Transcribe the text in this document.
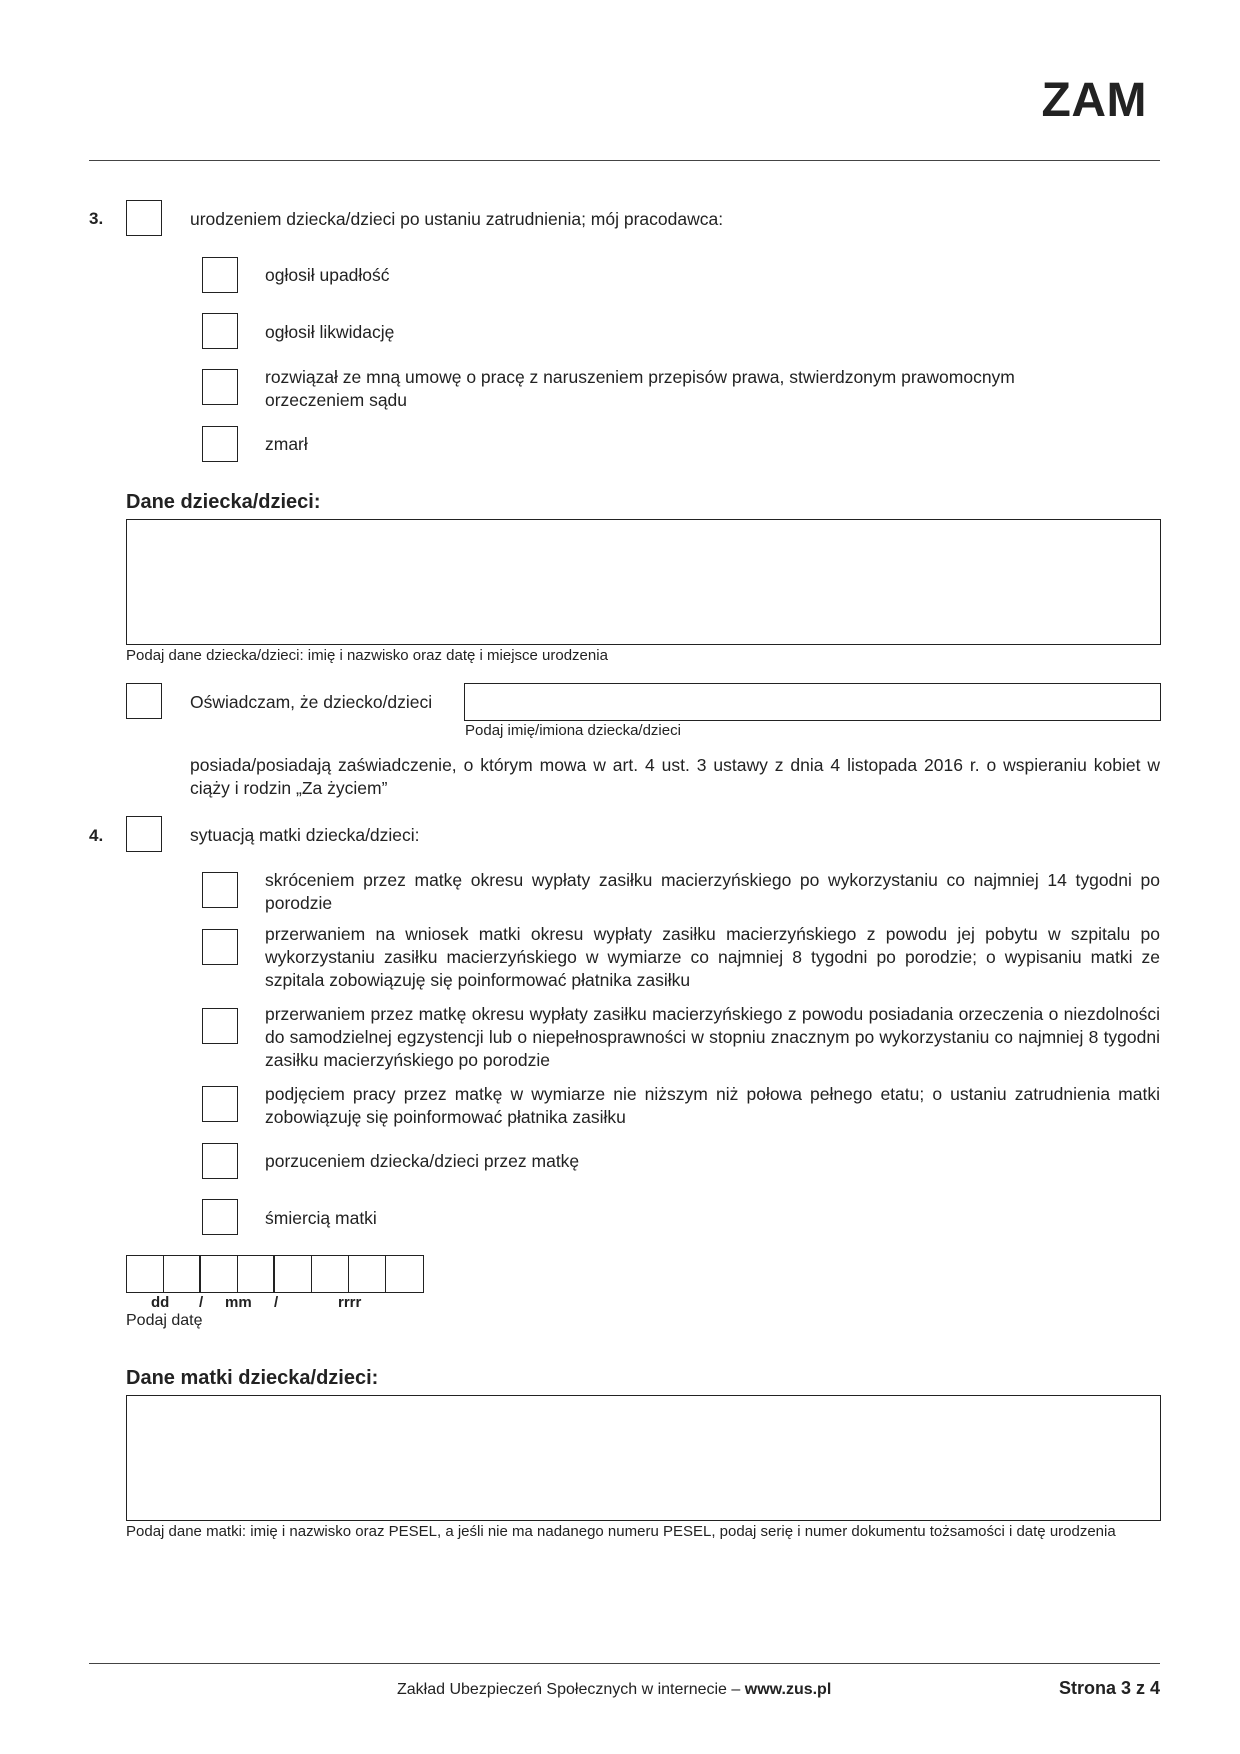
ZAM
3.	urodzeniem dziecka/dzieci po ustaniu zatrudnienia; mój pracodawca:
ogłosił upadłość
ogłosił likwidację
rozwiązał ze mną umowę o pracę z naruszeniem przepisów prawa, stwierdzonym prawomocnym orzeczeniem sądu
zmarł
Dane dziecka/dzieci:
Podaj dane dziecka/dzieci: imię i nazwisko oraz datę i miejsce urodzenia
Oświadczam, że dziecko/dzieci
Podaj imię/imiona dziecka/dzieci
posiada/posiadają zaświadczenie, o którym mowa w art. 4 ust. 3 ustawy z dnia 4 listopada 2016 r. o wspieraniu kobiet w ciąży i rodzin „Za życiem”
4.	sytuacją matki dziecka/dzieci:
skróceniem przez matkę okresu wypłaty zasiłku macierzyńskiego po wykorzystaniu co najmniej 14 tygodni po porodzie
przerwaniem na wniosek matki okresu wypłaty zasiłku macierzyńskiego z powodu jej pobytu w szpitalu po wykorzystaniu zasiłku macierzyńskiego w wymiarze co najmniej 8 tygodni po porodzie; o wypisaniu matki ze szpitala zobowiązuję się poinformować płatnika zasiłku
przerwaniem przez matkę okresu wypłaty zasiłku macierzyńskiego z powodu posiadania orzeczenia o niezdolności do samodzielnej egzystencji lub o niepełnosprawności w stopniu znacznym po wykorzystaniu co najmniej 8 tygodni zasiłku macierzyńskiego po porodzie
podjęciem pracy przez matkę w wymiarze nie niższym niż połowa pełnego etatu; o ustaniu zatrudnienia matki zobowiązuję się poinformować płatnika zasiłku
porzuceniem dziecka/dzieci przez matkę
śmiercią matki
dd / mm /	rrrr
Podaj datę
Dane matki dziecka/dzieci:
Podaj dane matki: imię i nazwisko oraz PESEL, a jeśli nie ma nadanego numeru PESEL, podaj serię i numer dokumentu tożsamości i datę urodzenia
Zakład Ubezpieczeń Społecznych w internecie – www.zus.pl	Strona 3 z 4
